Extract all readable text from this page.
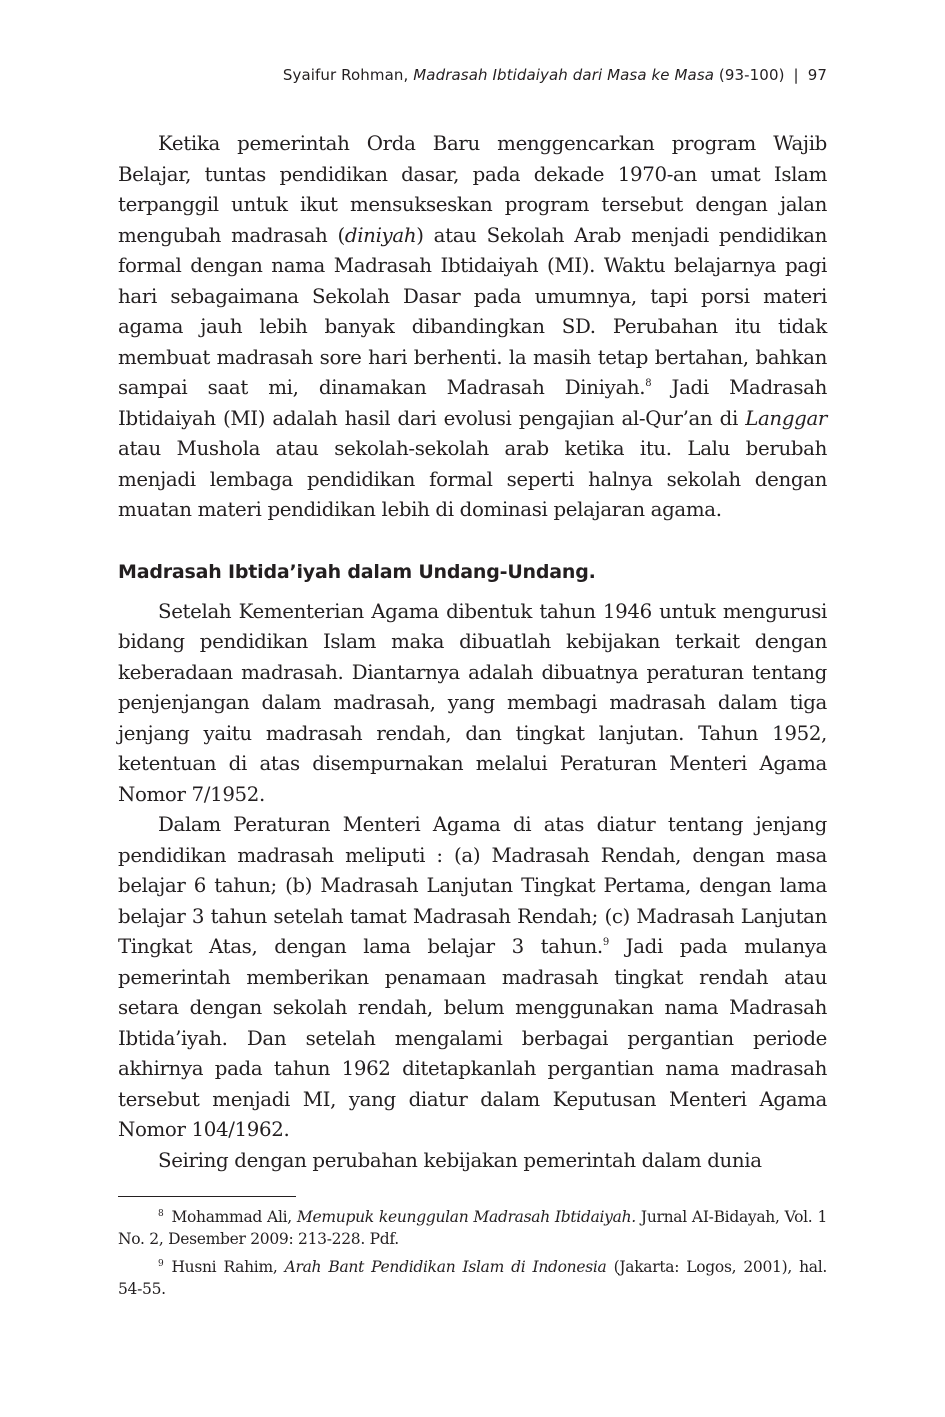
Syaifur Rohman, Madrasah Ibtidaiyah dari Masa ke Masa (93-100) | 97

Ketika pemerintah Orda Baru menggencarkan program Wajib Belajar, tuntas pendidikan dasar, pada dekade 1970-an umat Islam terpanggil untuk ikut mensukseskan program tersebut dengan jalan mengubah madrasah (diniyah) atau Sekolah Arab menjadi pendidikan formal dengan nama Madrasah Ibtidaiyah (MI). Waktu belajarnya pagi hari sebagaimana Sekolah Dasar pada umumnya, tapi porsi materi agama jauh lebih banyak dibandingkan SD. Perubahan itu tidak membuat madrasah sore hari berhenti. la masih tetap bertahan, bahkan sampai saat mi, dinamakan Madrasah Diniyah.$^8$ Jadi Madrasah Ibtidaiyah (MI) adalah hasil dari evolusi pengajian al-Qur’an di Langgar atau Mushola atau sekolah-sekolah arab ketika itu. Lalu berubah menjadi lembaga pendidikan formal seperti halnya sekolah dengan muatan materi pendidikan lebih di dominasi pelajaran agama.

Madrasah Ibtida’iyah dalam Undang-Undang.

Setelah Kementerian Agama dibentuk tahun 1946 untuk mengurusi bidang pendidikan Islam maka dibuatlah kebijakan terkait dengan keberadaan madrasah. Diantarnya adalah dibuatnya peraturan tentang penjenjangan dalam madrasah, yang membagi madrasah dalam tiga jenjang yaitu madrasah rendah, dan tingkat lanjutan. Tahun 1952, ketentuan di atas disempurnakan melalui Peraturan Menteri Agama Nomor 7/1952.

Dalam Peraturan Menteri Agama di atas diatur tentang jenjang pendidikan madrasah meliputi : (a) Madrasah Rendah, dengan masa belajar 6 tahun; (b) Madrasah Lanjutan Tingkat Pertama, dengan lama belajar 3 tahun setelah tamat Madrasah Rendah; (c) Madrasah Lanjutan Tingkat Atas, dengan lama belajar 3 tahun.$^9$ Jadi pada mulanya pemerintah memberikan penamaan madrasah tingkat rendah atau setara dengan sekolah rendah, belum menggunakan nama Madrasah Ibtida’iyah. Dan setelah mengalami berbagai pergantian periode akhirnya pada tahun 1962 ditetapkanlah pergantian nama madrasah tersebut menjadi MI, yang diatur dalam Keputusan Menteri Agama Nomor 104/1962.

Seiring dengan perubahan kebijakan pemerintah dalam dunia

$^8$ Mohammad Ali, Memupuk keunggulan Madrasah Ibtidaiyah. Jurnal AI-Bidayah, Vol. 1 No. 2, Desember 2009: 213-228. Pdf.

$^9$ Husni Rahim, Arah Bant Pendidikan Islam di Indonesia (Jakarta: Logos, 2001), hal. 54-55.
